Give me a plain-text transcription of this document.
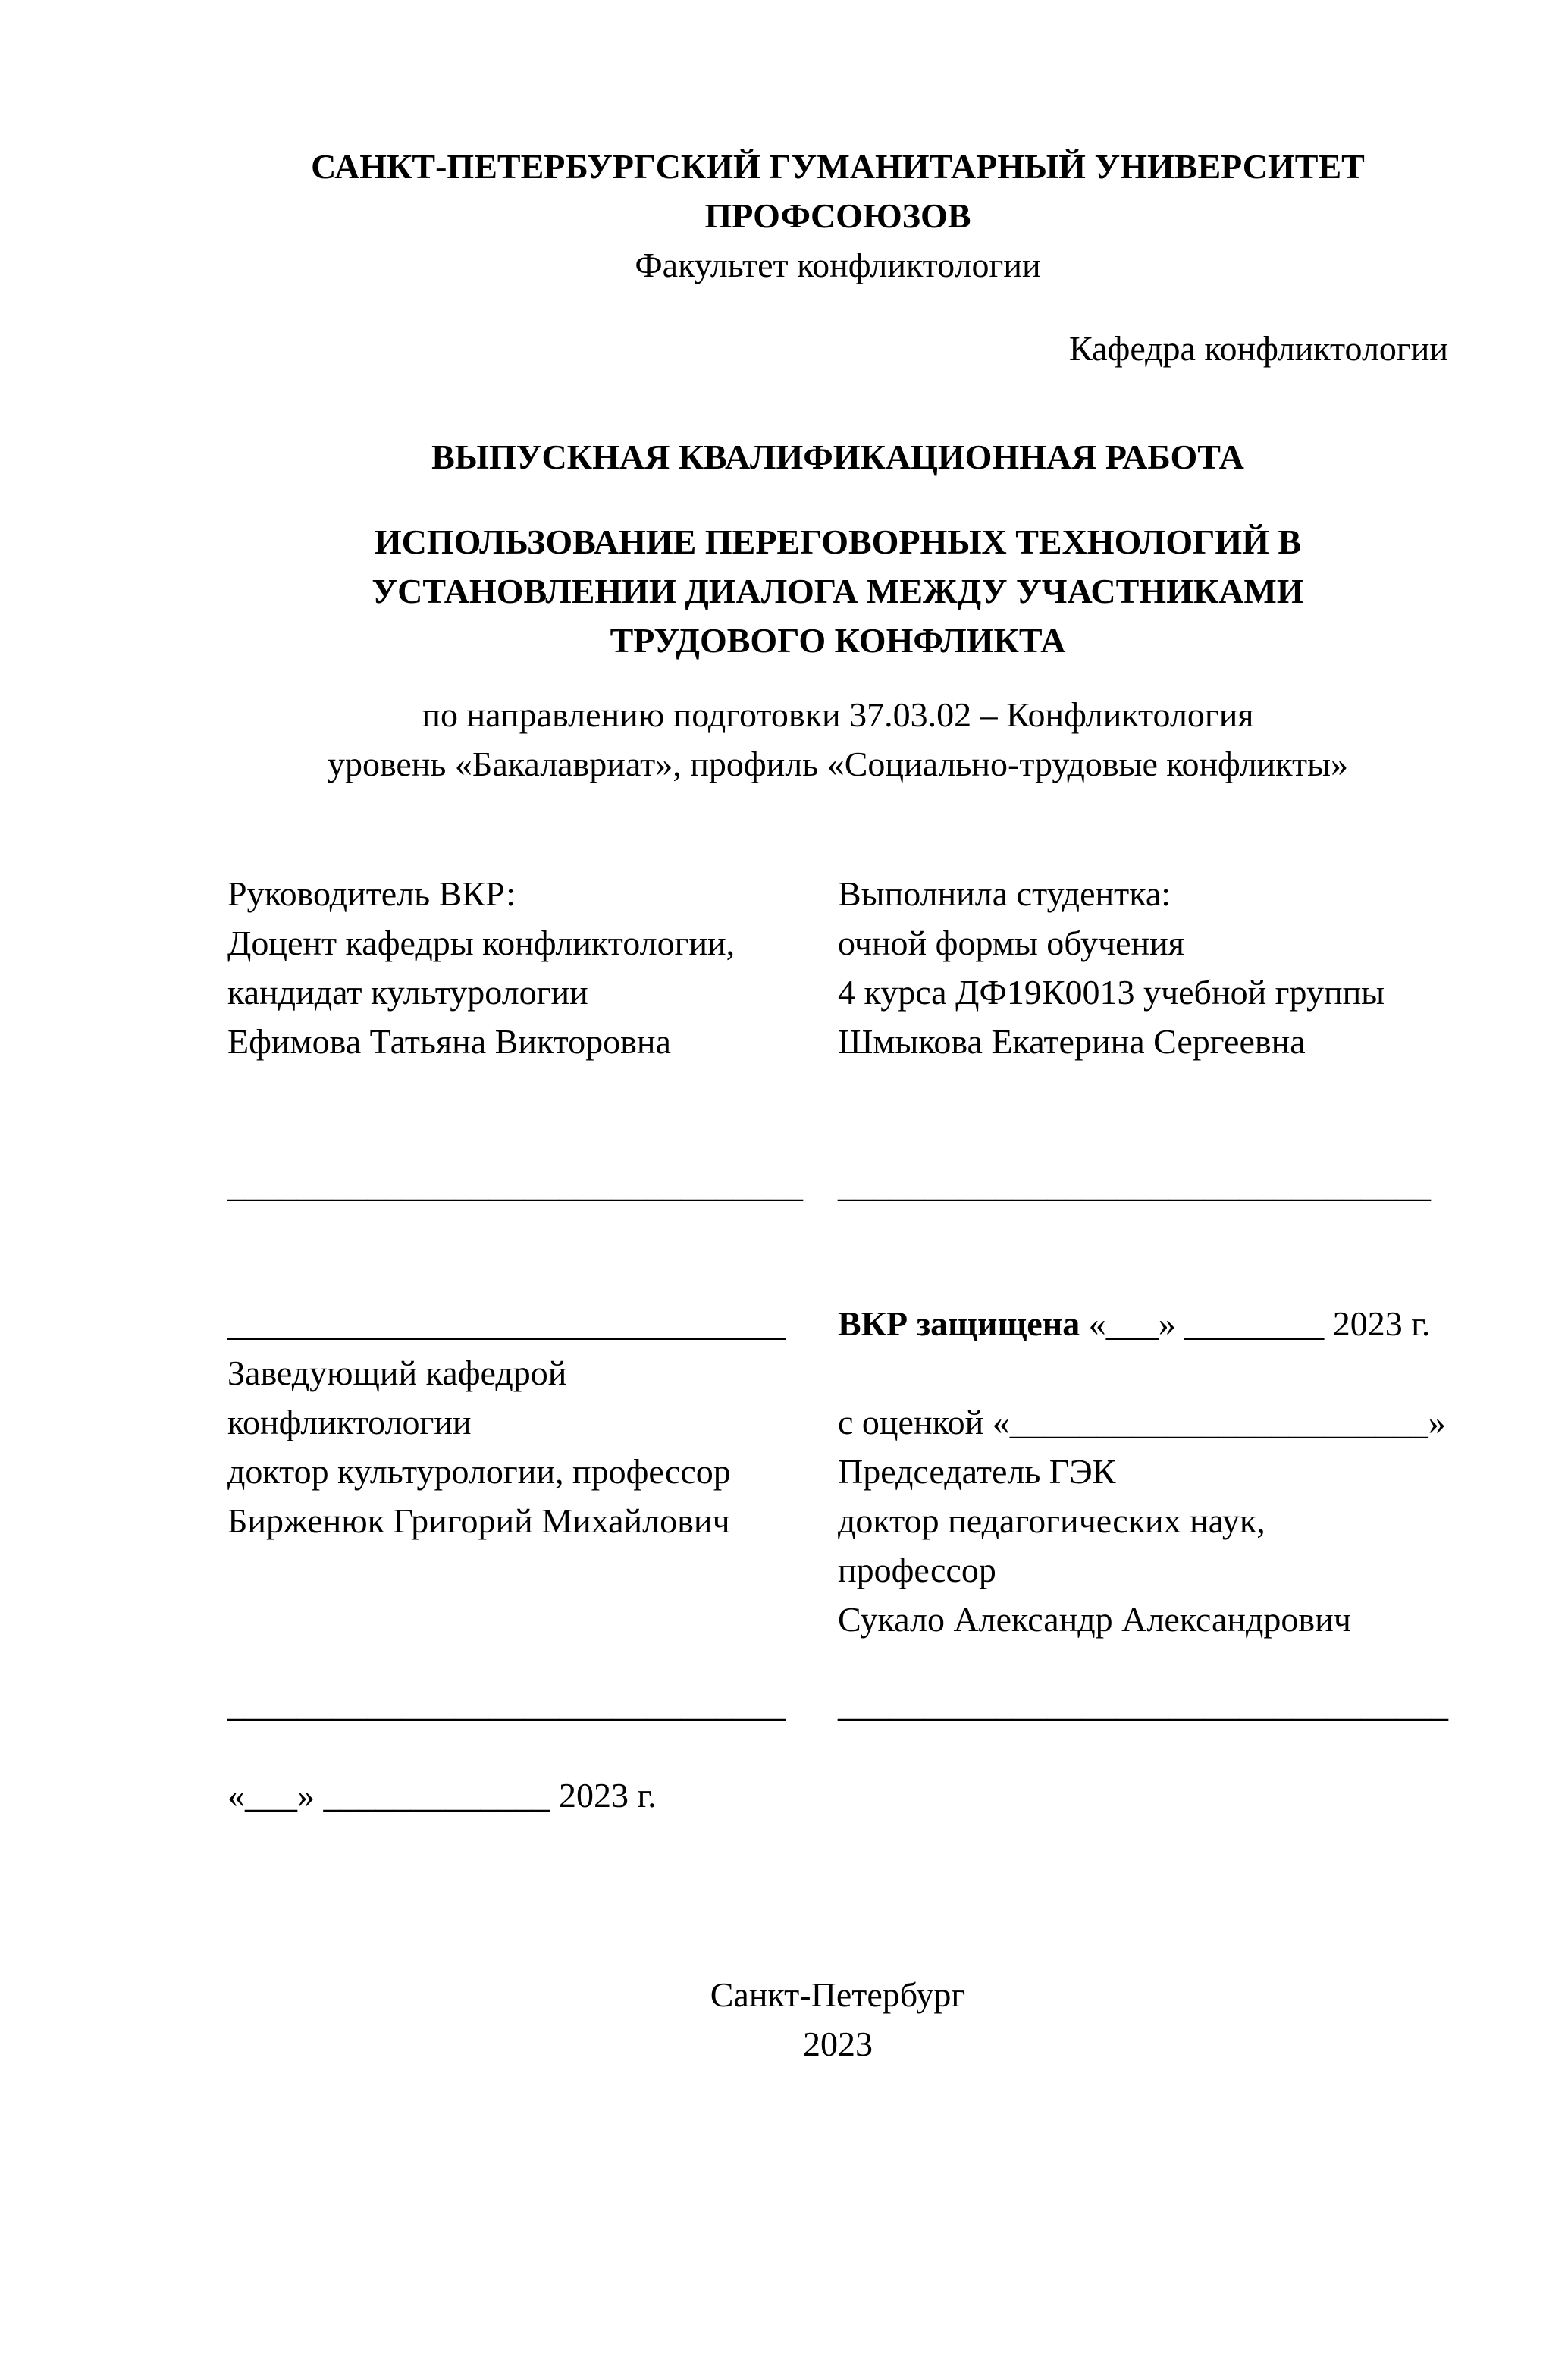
САНКТ-ПЕТЕРБУРГСКИЙ ГУМАНИТАРНЫЙ УНИВЕРСИТЕТ ПРОФСОЮЗОВ
Факультет конфликтологии
Кафедра конфликтологии
ВЫПУСКНАЯ КВАЛИФИКАЦИОННАЯ РАБОТА
ИСПОЛЬЗОВАНИЕ ПЕРЕГОВОРНЫХ ТЕХНОЛОГИЙ В
УСТАНОВЛЕНИИ ДИАЛОГА МЕЖДУ УЧАСТНИКАМИ
ТРУДОВОГО КОНФЛИКТА
по направлению подготовки 37.03.02 – Конфликтология
уровень «Бакалавриат», профиль «Социально-трудовые конфликты»
Руководитель ВКР:
Доцент кафедры конфликтологии,
кандидат культурологии
Ефимова Татьяна Викторовна
Выполнила студентка:
очной формы обучения
4 курса ДФ19К0013 учебной группы
Шмыкова Екатерина Сергеевна
_________________________________	__________________________________
________________________________
Заведующий кафедрой
конфликтологии
доктор культурологии, профессор
Бирженюк Григорий Михайлович
ВКР защищена «___» ________ 2023 г.
с оценкой «________________________»
Председатель ГЭК
доктор педагогических наук,
профессор
Сукало Александр Александрович
________________________________	___________________________________
«___» _____________ 2023 г.
Санкт-Петербург
2023
